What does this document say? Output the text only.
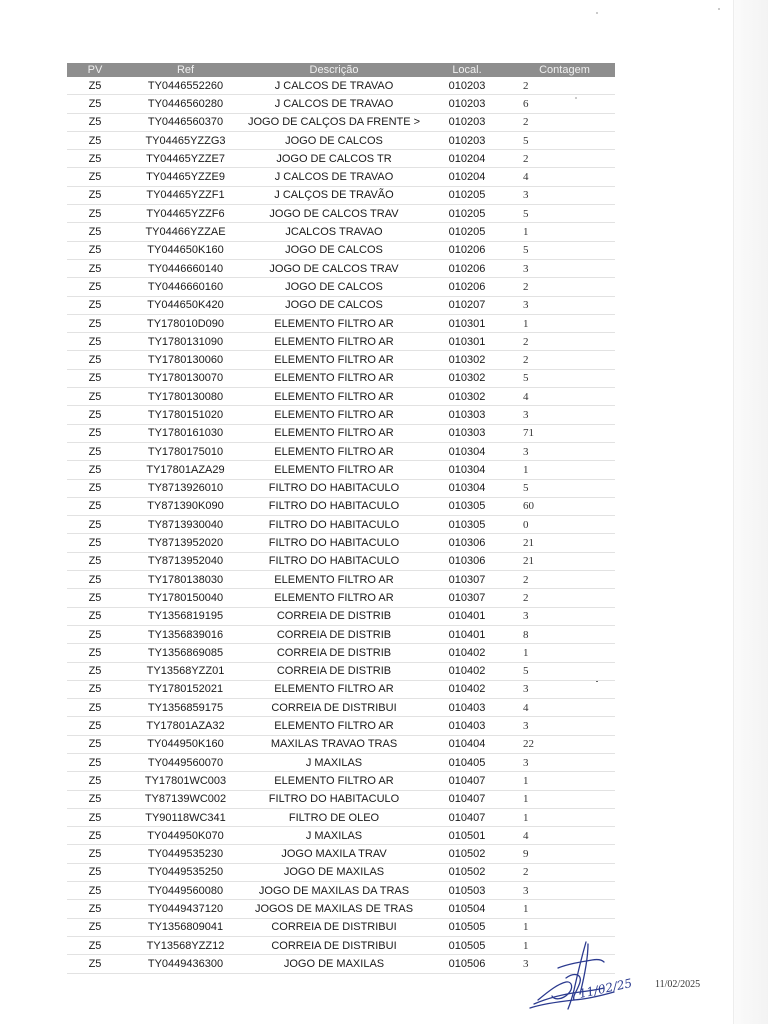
PV	Ref	Descrição	Local.	Contagem
Z5	TY0446552260	J CALCOS DE TRAVAO	010203	2
Z5	TY0446560280	J CALCOS DE TRAVAO	010203	6
Z5	TY0446560370	JOGO DE CALÇOS DA FRENTE >	010203	2
Z5	TY04465YZZG3	JOGO DE CALCOS	010203	5
Z5	TY04465YZZE7	JOGO DE CALCOS TR	010204	2
Z5	TY04465YZZE9	J CALCOS DE TRAVAO	010204	4
Z5	TY04465YZZF1	J CALÇOS DE TRAVÃO	010205	3
Z5	TY04465YZZF6	JOGO DE CALCOS TRAV	010205	5
Z5	TY04466YZZAE	JCALCOS TRAVAO	010205	1
Z5	TY044650K160	JOGO DE CALCOS	010206	5
Z5	TY0446660140	JOGO DE CALCOS TRAV	010206	3
Z5	TY0446660160	JOGO DE CALCOS	010206	2
Z5	TY044650K420	JOGO DE CALCOS	010207	3
Z5	TY178010D090	ELEMENTO FILTRO AR	010301	1
Z5	TY1780131090	ELEMENTO FILTRO AR	010301	2
Z5	TY1780130060	ELEMENTO FILTRO AR	010302	2
Z5	TY1780130070	ELEMENTO FILTRO AR	010302	5
Z5	TY1780130080	ELEMENTO FILTRO AR	010302	4
Z5	TY1780151020	ELEMENTO FILTRO AR	010303	3
Z5	TY1780161030	ELEMENTO FILTRO AR	010303	71
Z5	TY1780175010	ELEMENTO FILTRO AR	010304	3
Z5	TY17801AZA29	ELEMENTO FILTRO AR	010304	1
Z5	TY8713926010	FILTRO DO HABITACULO	010304	5
Z5	TY871390K090	FILTRO DO HABITACULO	010305	60
Z5	TY8713930040	FILTRO DO HABITACULO	010305	0
Z5	TY8713952020	FILTRO DO HABITACULO	010306	21
Z5	TY8713952040	FILTRO DO HABITACULO	010306	21
Z5	TY1780138030	ELEMENTO FILTRO AR	010307	2
Z5	TY1780150040	ELEMENTO FILTRO AR	010307	2
Z5	TY1356819195	CORREIA DE DISTRIB	010401	3
Z5	TY1356839016	CORREIA DE DISTRIB	010401	8
Z5	TY1356869085	CORREIA DE DISTRIB	010402	1
Z5	TY13568YZZ01	CORREIA DE DISTRIB	010402	5
Z5	TY1780152021	ELEMENTO FILTRO AR	010402	3
Z5	TY1356859175	CORREIA DE DISTRIBUI	010403	4
Z5	TY17801AZA32	ELEMENTO FILTRO AR	010403	3
Z5	TY044950K160	MAXILAS TRAVAO TRAS	010404	22
Z5	TY0449560070	J MAXILAS	010405	3
Z5	TY17801WC003	ELEMENTO FILTRO AR	010407	1
Z5	TY87139WC002	FILTRO DO HABITACULO	010407	1
Z5	TY90118WC341	FILTRO DE OLEO	010407	1
Z5	TY044950K070	J MAXILAS	010501	4
Z5	TY0449535230	JOGO MAXILA TRAV	010502	9
Z5	TY0449535250	JOGO DE MAXILAS	010502	2
Z5	TY0449560080	JOGO DE MAXILAS DA TRAS	010503	3
Z5	TY0449437120	JOGOS DE MAXILAS DE TRAS	010504	1
Z5	TY1356809041	CORREIA DE DISTRIBUI	010505	1
Z5	TY13568YZZ12	CORREIA DE DISTRIBUI	010505	1
Z5	TY0449436300	JOGO DE MAXILAS	010506	3
11/02/25 11/02/2025
